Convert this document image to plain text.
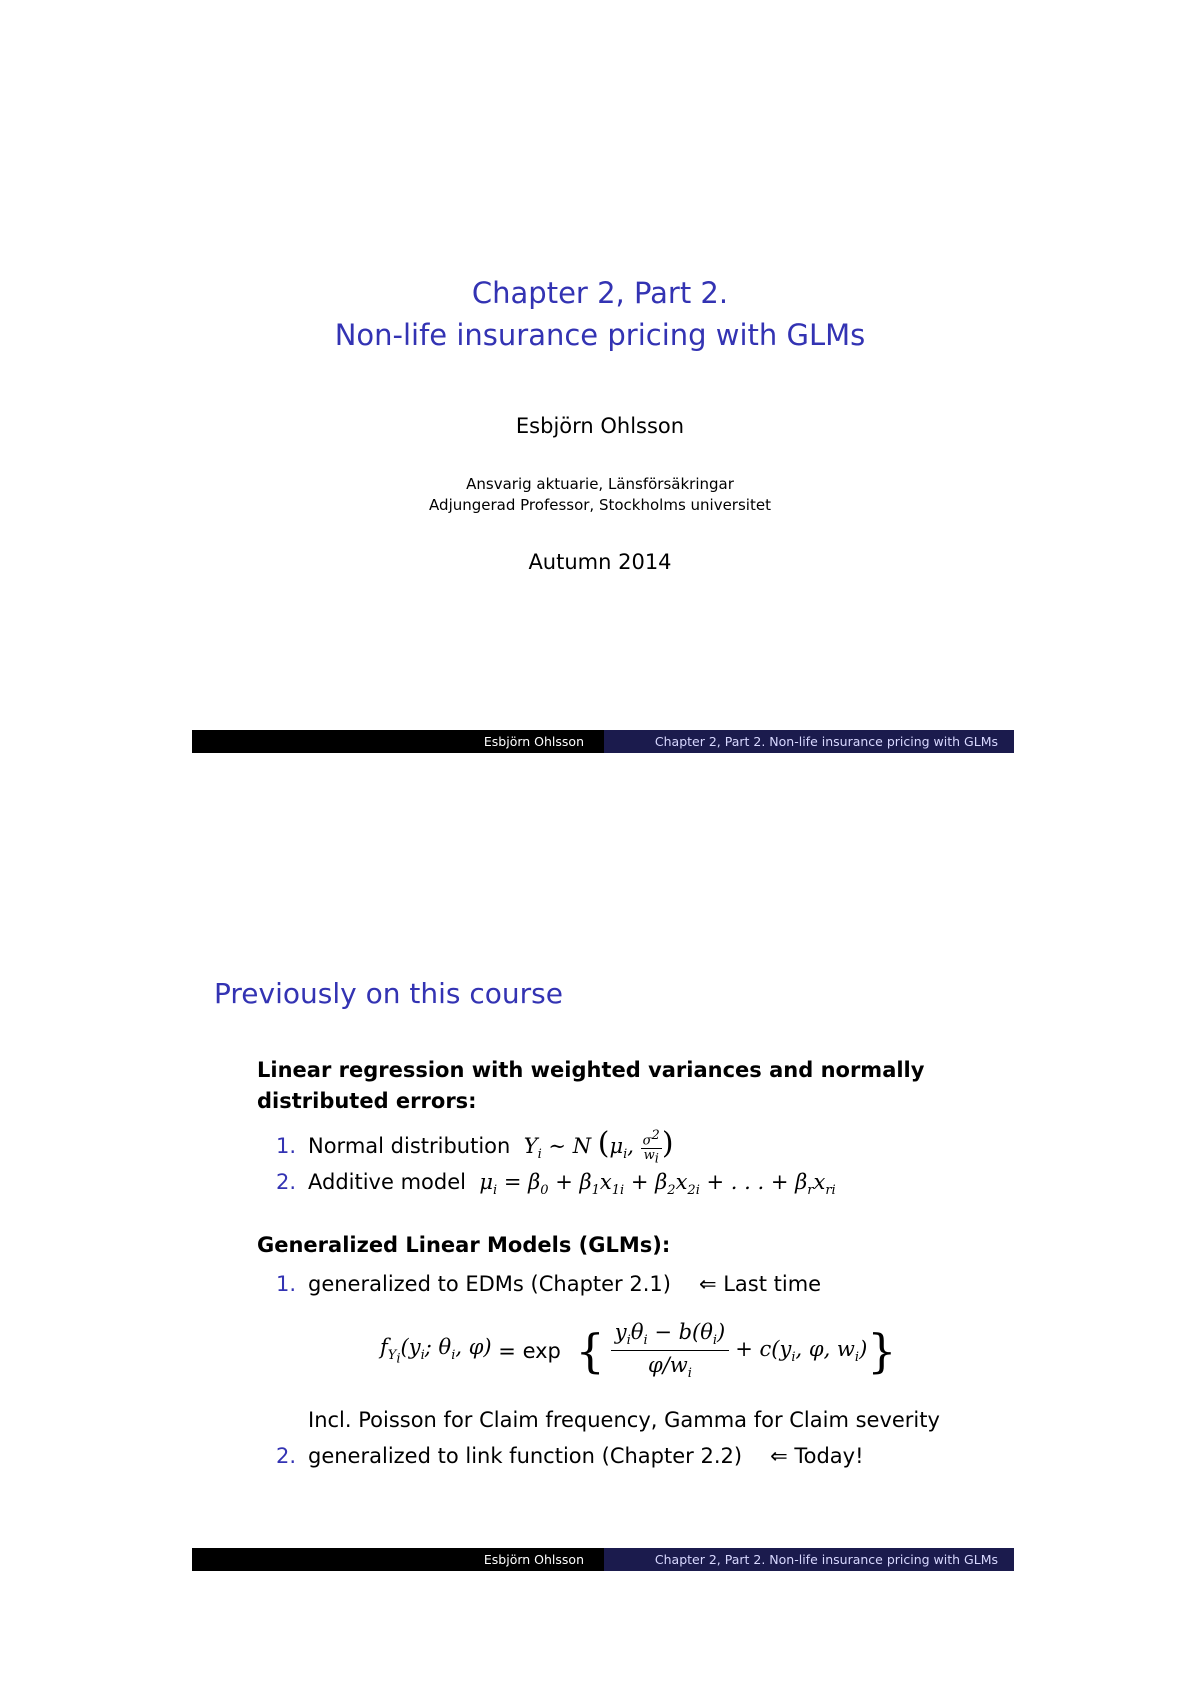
Chapter 2, Part 2.
Non-life insurance pricing with GLMs
Esbjörn Ohlsson
Ansvarig aktuarie, Länsförsäkringar
Adjungerad Professor, Stockholms universitet
Autumn 2014
Esbjörn Ohlsson	Chapter 2, Part 2. Non-life insurance pricing with GLMs
Previously on this course
Linear regression with weighted variances and normally
distributed errors:
1. Normal distribution  $Y_i$ ∼ N ($\mu_i$, $\frac{\sigma^2}{w_i}$ )
2. Additive model  $\mu_i = \beta_0 + \beta_1x_{1i} + \beta_2x_{2i}$ + . . . + $\beta_rx_{ri}$
Generalized Linear Models (GLMs):
1. generalized to EDMs (Chapter 2.1) ⇐ Last time
$f_{Y_i}(y_i$; $\theta_i$, φ) = exp { $y_i\theta_i - b(\theta_i)$
$\varphi/w_i$
+ $c(y_i$, φ, $w_i$) }
Incl. Poisson for Claim frequency, Gamma for Claim severity
2. generalized to link function (Chapter 2.2) ⇐ Today!
Esbjörn Ohlsson	Chapter 2, Part 2. Non-life insurance pricing with GLMs
